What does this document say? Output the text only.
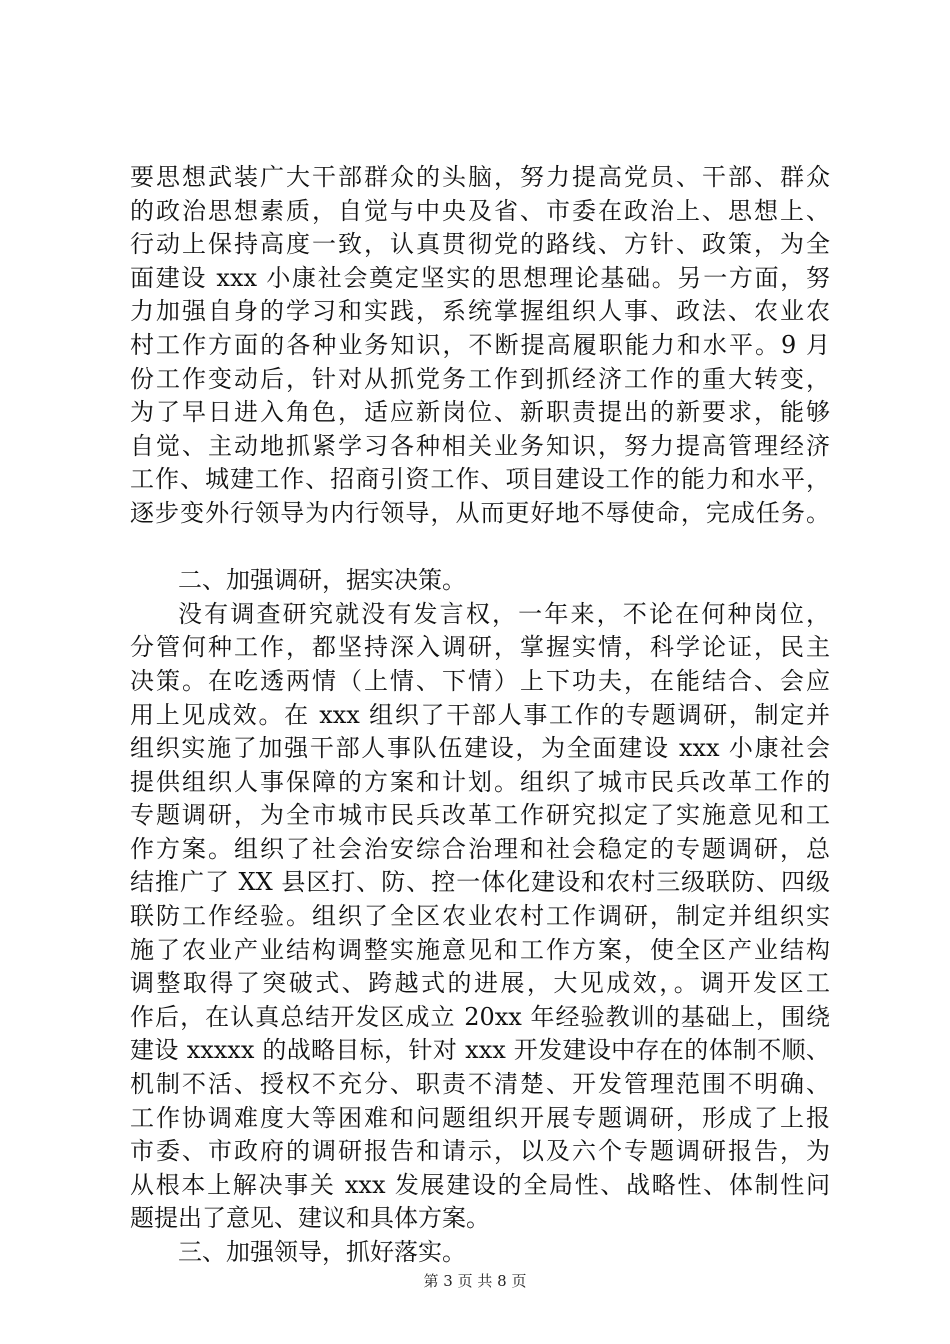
要思想武装广大干部群众的头脑，努力提高党员、干部、群众
的政治思想素质，自觉与中央及省、市委在政治上、思想上、
行动上保持高度一致，认真贯彻党的路线、方针、政策，为全
面建设 xxx 小康社会奠定坚实的思想理论基础。另一方面，努
力加强自身的学习和实践，系统掌握组织人事、政法、农业农
村工作方面的各种业务知识，不断提高履职能力和水平。9 月
份工作变动后，针对从抓党务工作到抓经济工作的重大转变，
为了早日进入角色，适应新岗位、新职责提出的新要求，能够
自觉、主动地抓紧学习各种相关业务知识，努力提高管理经济
工作、城建工作、招商引资工作、项目建设工作的能力和水平，
逐步变外行领导为内行领导，从而更好地不辱使命，完成任务。
二、加强调研，据实决策。
没有调查研究就没有发言权，一年来，不论在何种岗位，
分管何种工作，都坚持深入调研，掌握实情，科学论证，民主
决策。在吃透两情（上情、下情）上下功夫，在能结合、会应
用上见成效。在 xxx 组织了干部人事工作的专题调研，制定并
组织实施了加强干部人事队伍建设，为全面建设 xxx 小康社会
提供组织人事保障的方案和计划。组织了城市民兵改革工作的
专题调研，为全市城市民兵改革工作研究拟定了实施意见和工
作方案。组织了社会治安综合治理和社会稳定的专题调研，总
结推广了 XX 县区打、防、控一体化建设和农村三级联防、四级
联防工作经验。组织了全区农业农村工作调研，制定并组织实
施了农业产业结构调整实施意见和工作方案，使全区产业结构
调整取得了突破式、跨越式的进展，大见成效，。调开发区工
作后，在认真总结开发区成立 20xx 年经验教训的基础上，围绕
建设 xxxxx 的战略目标，针对 xxx 开发建设中存在的体制不顺、
机制不活、授权不充分、职责不清楚、开发管理范围不明确、
工作协调难度大等困难和问题组织开展专题调研，形成了上报
市委、市政府的调研报告和请示，以及六个专题调研报告，为
从根本上解决事关 xxx 发展建设的全局性、战略性、体制性问
题提出了意见、建议和具体方案。
三、加强领导，抓好落实。
第 3 页 共 8 页
